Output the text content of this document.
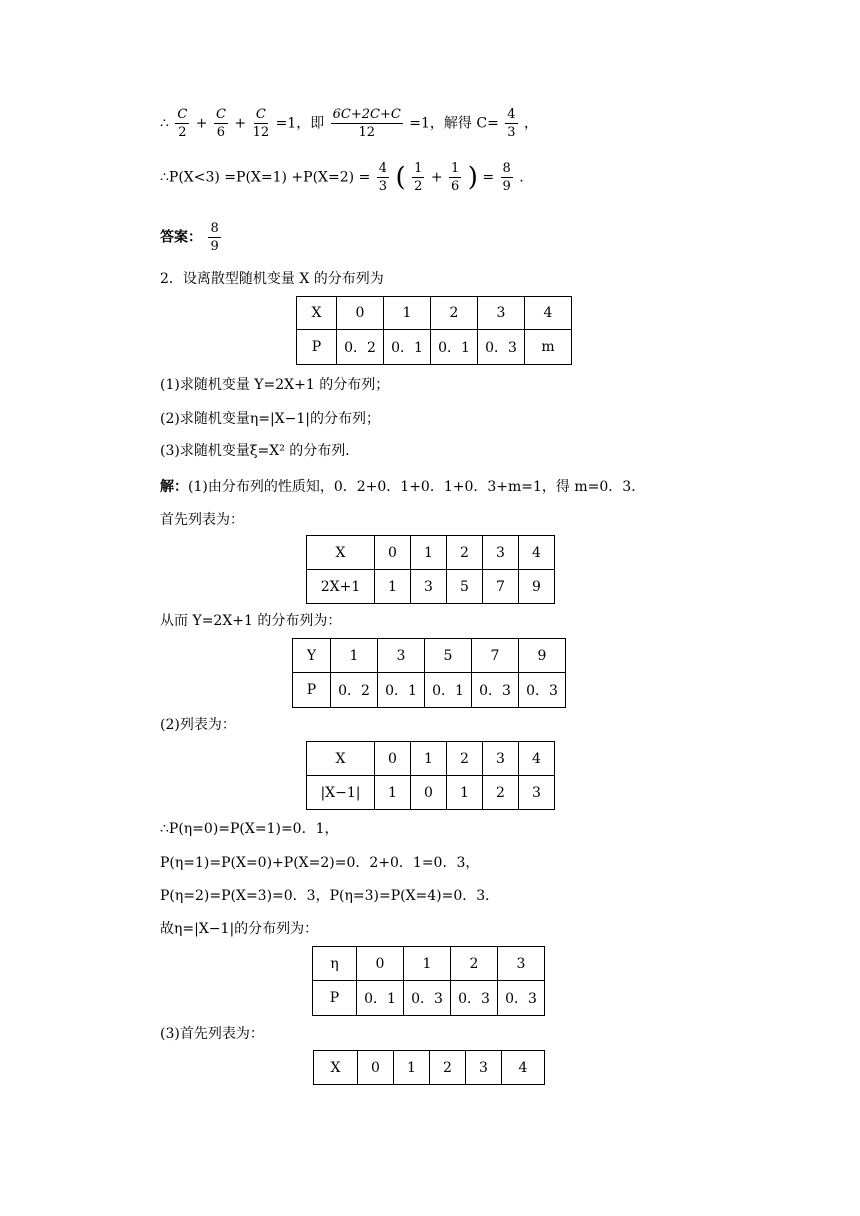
∴ $\frac{C}{2} + \frac{C}{6} + \frac{C}{12} =1$，即 $\frac{6C+2C+C}{12} =1$，解得 $C= \frac{4}{3}$ ，
∴P(X<3) $=P(X=1) +P(X=2) = \frac{4}{3}$ ( $\frac{1}{2} + \frac{1}{6}$ ) = $\frac{8}{9}$ .
答案： $\frac{8}{9}$
2．设离散型随机变量 X 的分布列为
X	0	1	2	3	4
P	0．2	0．1	0．1	0．3	m
(1)求随机变量 Y=2X+1 的分布列；
(2)求随机变量η=|X−1|的分布列；
(3)求随机变量ξ=X² 的分布列．
解：(1)由分布列的性质知，0．2+0．1+0．1+0．3+m=1，得 m=0．3．
首先列表为：
X	0	1	2	3	4
2X+1	1	3	5	7	9
从而 Y=2X+1 的分布列为：
Y	1	3	5	7	9
P	0．2	0．1	0．1	0．3	0．3
(2)列表为：
X	0	1	2	3	4
|X−1|	1	0	1	2	3
∴P(η=0)=P(X=1)=0．1，
P(η=1)=P(X=0)+P(X=2)=0．2+0．1=0．3，
P(η=2)=P(X=3)=0．3，P(η=3)=P(X=4)=0．3．
故η=|X−1|的分布列为：
η	0	1	2	3
P	0．1	0．3	0．3	0．3
(3)首先列表为：
X	0	1	2	3	4
